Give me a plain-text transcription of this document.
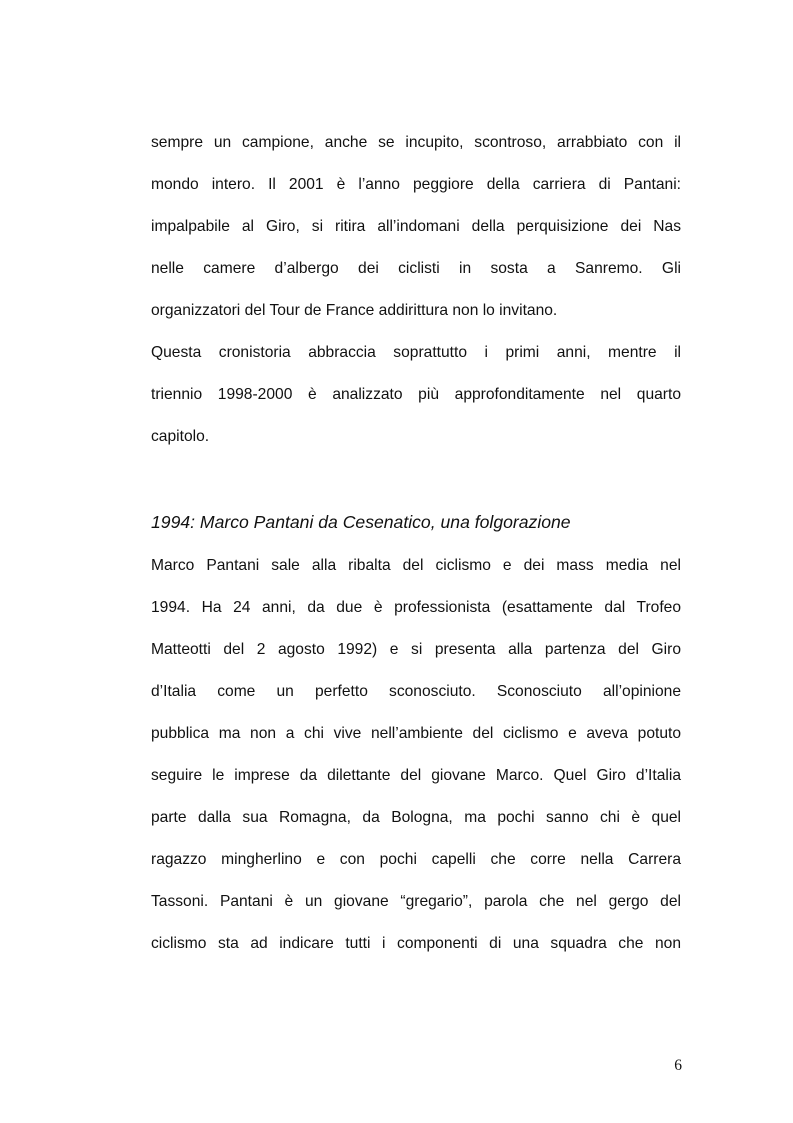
sempre un campione, anche se incupito, scontroso, arrabbiato con il
mondo intero. Il 2001 è l’anno peggiore della carriera di Pantani:
impalpabile al Giro, si ritira all’indomani della perquisizione dei Nas
nelle camere d’albergo dei ciclisti in sosta a Sanremo. Gli
organizzatori del Tour de France addirittura non lo invitano.

Questa cronistoria abbraccia soprattutto i primi anni, mentre il
triennio 1998-2000 è analizzato più approfonditamente nel quarto
capitolo.

1994: Marco Pantani da Cesenatico, una folgorazione

Marco Pantani sale alla ribalta del ciclismo e dei mass media nel
1994. Ha 24 anni, da due è professionista (esattamente dal Trofeo
Matteotti del 2 agosto 1992) e si presenta alla partenza del Giro
d’Italia come un perfetto sconosciuto. Sconosciuto all’opinione
pubblica ma non a chi vive nell’ambiente del ciclismo e aveva potuto
seguire le imprese da dilettante del giovane Marco. Quel Giro d’Italia
parte dalla sua Romagna, da Bologna, ma pochi sanno chi è quel
ragazzo mingherlino e con pochi capelli che corre nella Carrera
Tassoni. Pantani è un giovane “gregario”, parola che nel gergo del
ciclismo sta ad indicare tutti i componenti di una squadra che non

6
